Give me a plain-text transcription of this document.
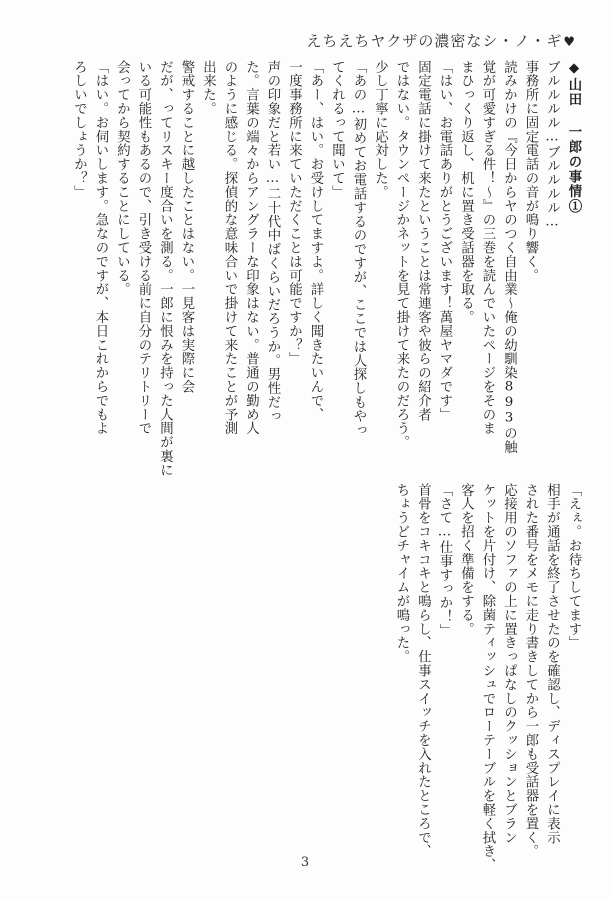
えちえちヤクザの濃密なシ・ノ・ギ♥

◆山田 一郎の事情①

ブルルルル…ブルルルル…

事務所に固定電話の音が鳴り響く。

読みかけの『今日からヤのつく自由業〜俺の幼馴染893の触

覚が可愛すぎる件！〜』の三巻を読んでいたページをそのま

まひっくり返し、机に置き受話器を取る。

「はい、お電話ありがとうございます！萬屋ヤマダです」

固定電話に掛けて来たということは常連客や彼らの紹介者

ではない。タウンページかネットを見て掛けて来たのだろう。

少し丁寧に応対した。

「あの…初めてお電話するのですが、ここでは人探しもやっ

てくれるって聞いて」

「あー、はい。お受けしてますよ。詳しく聞きたいんで、

一度事務所に来ていただくことは可能ですか？」

声の印象だと若い…二十代中ばくらいだろうか。男性だっ

た。言葉の端々からアングラーな印象はない。普通の勤め人

のように感じる。探偵的な意味合いで掛けて来たことが予測

出来た。

警戒することに越したことはない。一見客は実際に会

だが、ってリスキー度合いを測る。一郎に恨みを持った人間が裏に

いる可能性もあるので、引き受ける前に自分のテリトリーで

会ってから契約することにしている。

「はい。お伺いします。急なのですが、本日これからでもよ

ろしいでしょうか？」

「えぇ。お待ちしてます」

相手が通話を終了させたのを確認し、ディスプレイに表示

された番号をメモに走り書きしてから一郎も受話器を置く。

応接用のソファの上に置きっぱなしのクッションとブラン

ケットを片付け、除菌ティッシュでローテーブルを軽く拭き、

客人を招く準備をする。

「さて…仕事すっか！」

首骨をコキコキと鳴らし、仕事スイッチを入れたところで、

ちょうどチャイムが鳴った。

3
